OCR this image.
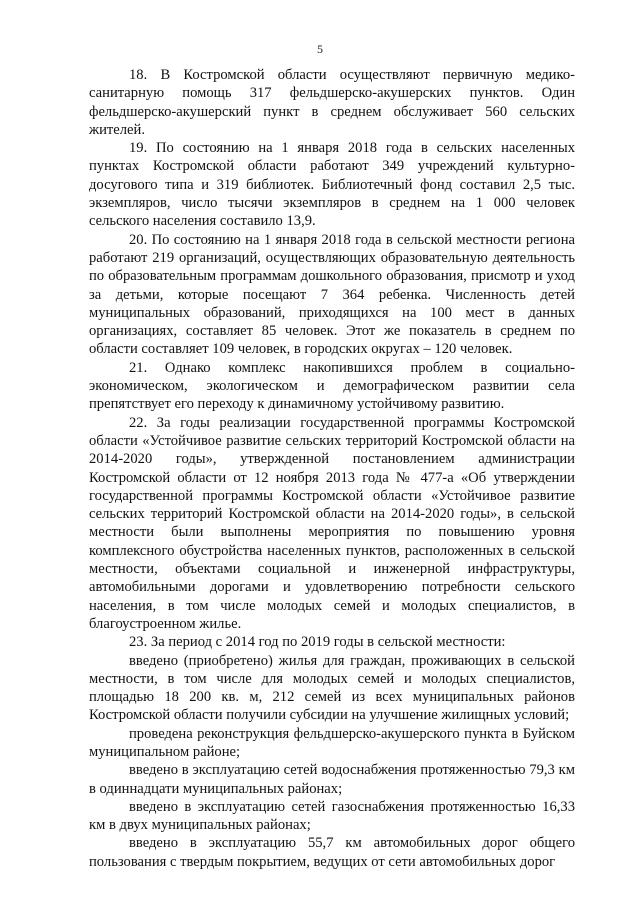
5

18. В Костромской области осуществляют первичную медико-санитарную помощь 317 фельдшерско-акушерских пунктов. Один фельдшерско-акушерский пункт в среднем обслуживает 560 сельских жителей.

19. По состоянию на 1 января 2018 года в сельских населенных пунктах Костромской области работают 349 учреждений культурно-досугового типа и 319 библиотек. Библиотечный фонд составил 2,5 тыс. экземпляров, число тысячи экземпляров в среднем на 1 000 человек сельского населения составило 13,9.

20. По состоянию на 1 января 2018 года в сельской местности региона работают 219 организаций, осуществляющих образовательную деятельность по образовательным программам дошкольного образования, присмотр и уход за детьми, которые посещают 7 364 ребенка. Численность детей муниципальных образований, приходящихся на 100 мест в данных организациях, составляет 85 человек. Этот же показатель в среднем по области составляет 109 человек, в городских округах – 120 человек.

21. Однако комплекс накопившихся проблем в социально-экономическом, экологическом и демографическом развитии села препятствует его переходу к динамичному устойчивому развитию.

22. За годы реализации государственной программы Костромской области «Устойчивое развитие сельских территорий Костромской области на 2014-2020 годы», утвержденной постановлением администрации Костромской области от 12 ноября 2013 года № 477-а «Об утверждении государственной программы Костромской области «Устойчивое развитие сельских территорий Костромской области на 2014-2020 годы», в сельской местности были выполнены мероприятия по повышению уровня комплексного обустройства населенных пунктов, расположенных в сельской местности, объектами социальной и инженерной инфраструктуры, автомобильными дорогами и удовлетворению потребности сельского населения, в том числе молодых семей и молодых специалистов, в благоустроенном жилье.

23. За период с 2014 год по 2019 годы в сельской местности:

введено (приобретено) жилья для граждан, проживающих в сельской местности, в том числе для молодых семей и молодых специалистов, площадью 18 200 кв. м, 212 семей из всех муниципальных районов Костромской области получили субсидии на улучшение жилищных условий;

проведена реконструкция фельдшерско-акушерского пункта в Буйском муниципальном районе;

введено в эксплуатацию сетей водоснабжения протяженностью 79,3 км в одиннадцати муниципальных районах;

введено в эксплуатацию сетей газоснабжения протяженностью 16,33 км в двух муниципальных районах;

введено в эксплуатацию 55,7 км автомобильных дорог общего пользования с твердым покрытием, ведущих от сети автомобильных дорог
